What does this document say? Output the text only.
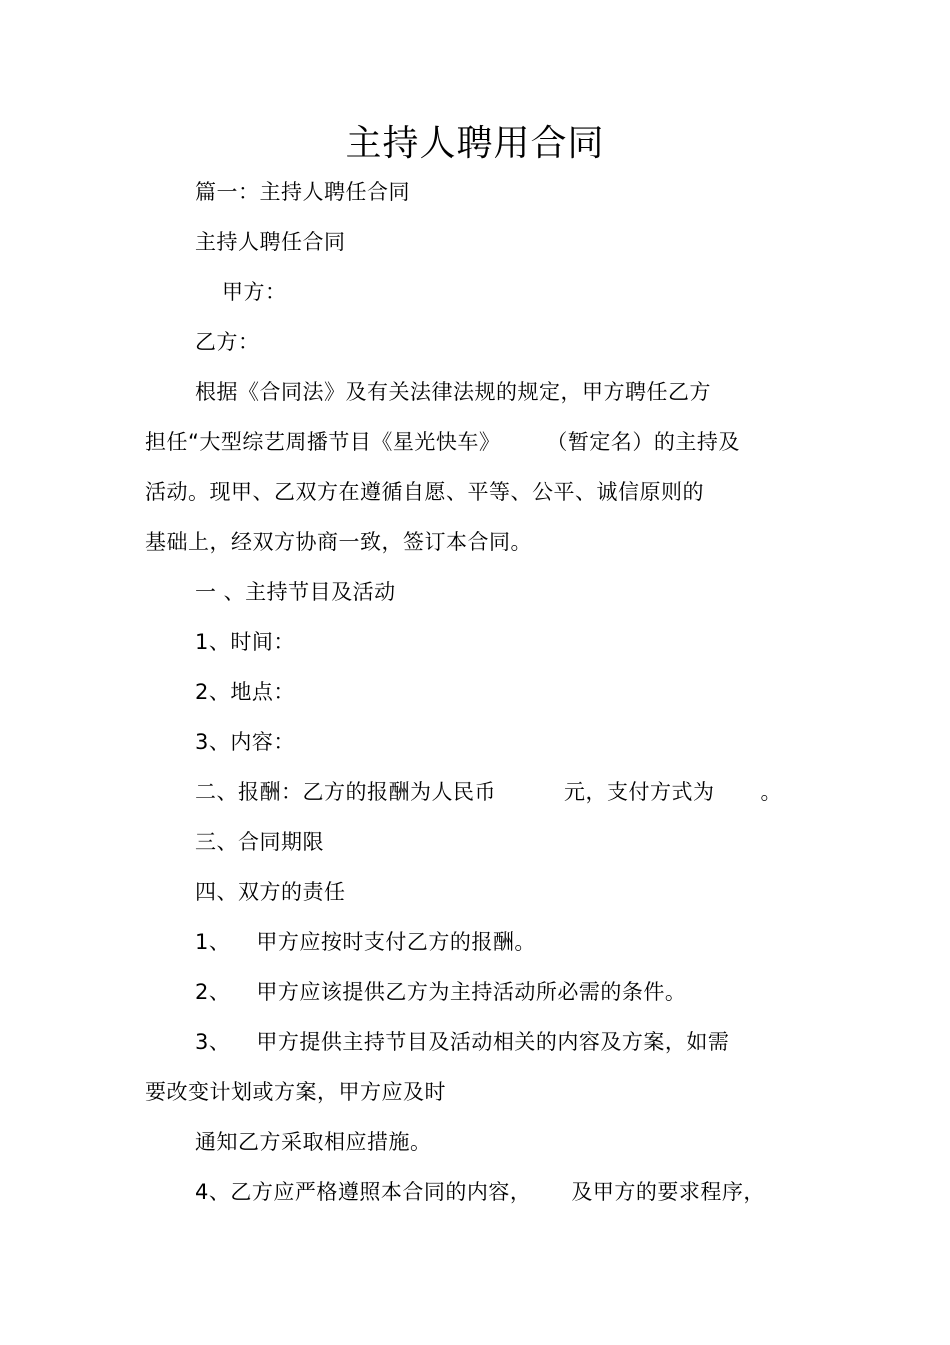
主持人聘用合同
篇一：主持人聘任合同
主持人聘任合同
甲方：
乙方：
根据《合同法》及有关法律法规的规定，甲方聘任乙方
担任“大型综艺周播节目《星光快车》 （暂定名）的主持及
活动。现甲、乙双方在遵循自愿、平等、公平、诚信原则的
基础上，经双方协商一致，签订本合同。
一 、主持节目及活动
1、时间：
2、地点：
3、内容：
二、报酬：乙方的报酬为人民币	元，支付方式为 。
三、合同期限
四、双方的责任
1、 甲方应按时支付乙方的报酬。
2、 甲方应该提供乙方为主持活动所必需的条件。
3、 甲方提供主持节目及活动相关的内容及方案，如需
要改变计划或方案，甲方应及时
通知乙方采取相应措施。
4、乙方应严格遵照本合同的内容， 及甲方的要求程序，
